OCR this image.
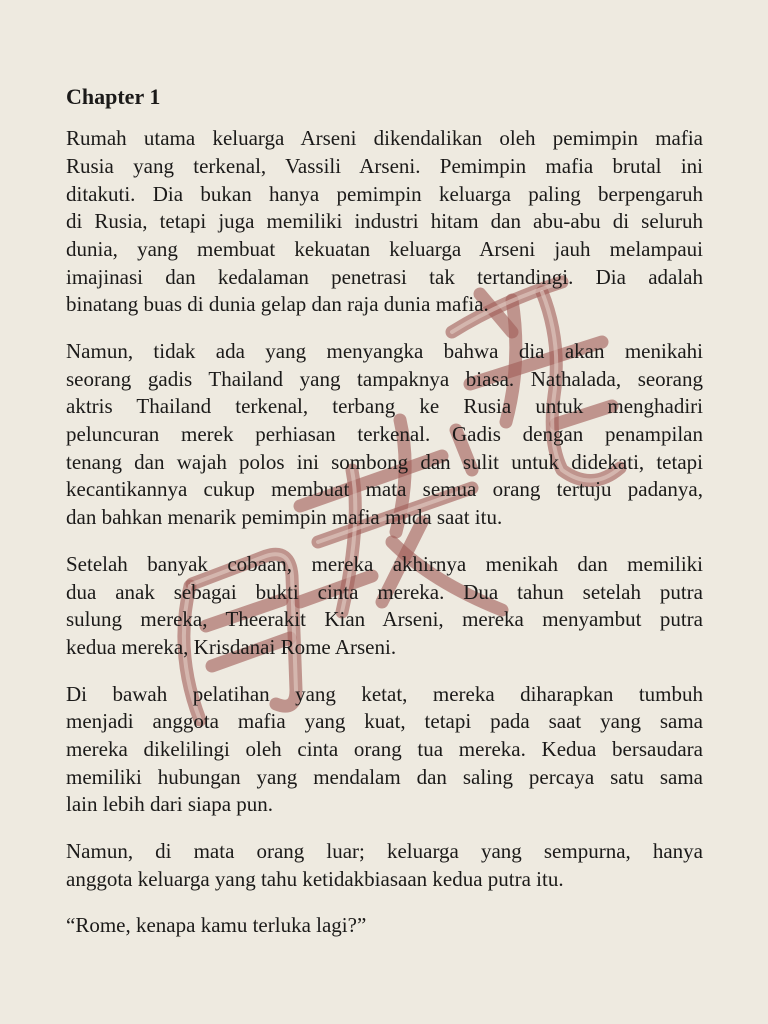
Chapter 1
Rumah utama keluarga Arseni dikendalikan oleh pemimpin mafia
Rusia yang terkenal, Vassili Arseni. Pemimpin mafia brutal ini
ditakuti. Dia bukan hanya pemimpin keluarga paling berpengaruh
di Rusia, tetapi juga memiliki industri hitam dan abu-abu di seluruh
dunia, yang membuat kekuatan keluarga Arseni jauh melampaui
imajinasi dan kedalaman penetrasi tak tertandingi. Dia adalah
binatang buas di dunia gelap dan raja dunia mafia.
Namun, tidak ada yang menyangka bahwa dia akan menikahi
seorang gadis Thailand yang tampaknya biasa. Nathalada, seorang
aktris Thailand terkenal, terbang ke Rusia untuk menghadiri
peluncuran merek perhiasan terkenal. Gadis dengan penampilan
tenang dan wajah polos ini sombong dan sulit untuk didekati, tetapi
kecantikannya cukup membuat mata semua orang tertuju padanya,
dan bahkan menarik pemimpin mafia muda saat itu.
Setelah banyak cobaan, mereka akhirnya menikah dan memiliki
dua anak sebagai bukti cinta mereka. Dua tahun setelah putra
sulung mereka, Theerakit Kian Arseni, mereka menyambut putra
kedua mereka, Krisdanai Rome Arseni.
Di bawah pelatihan yang ketat, mereka diharapkan tumbuh
menjadi anggota mafia yang kuat, tetapi pada saat yang sama
mereka dikelilingi oleh cinta orang tua mereka. Kedua bersaudara
memiliki hubungan yang mendalam dan saling percaya satu sama
lain lebih dari siapa pun.
Namun, di mata orang luar; keluarga yang sempurna, hanya
anggota keluarga yang tahu ketidakbiasaan kedua putra itu.
“Rome, kenapa kamu terluka lagi?”
